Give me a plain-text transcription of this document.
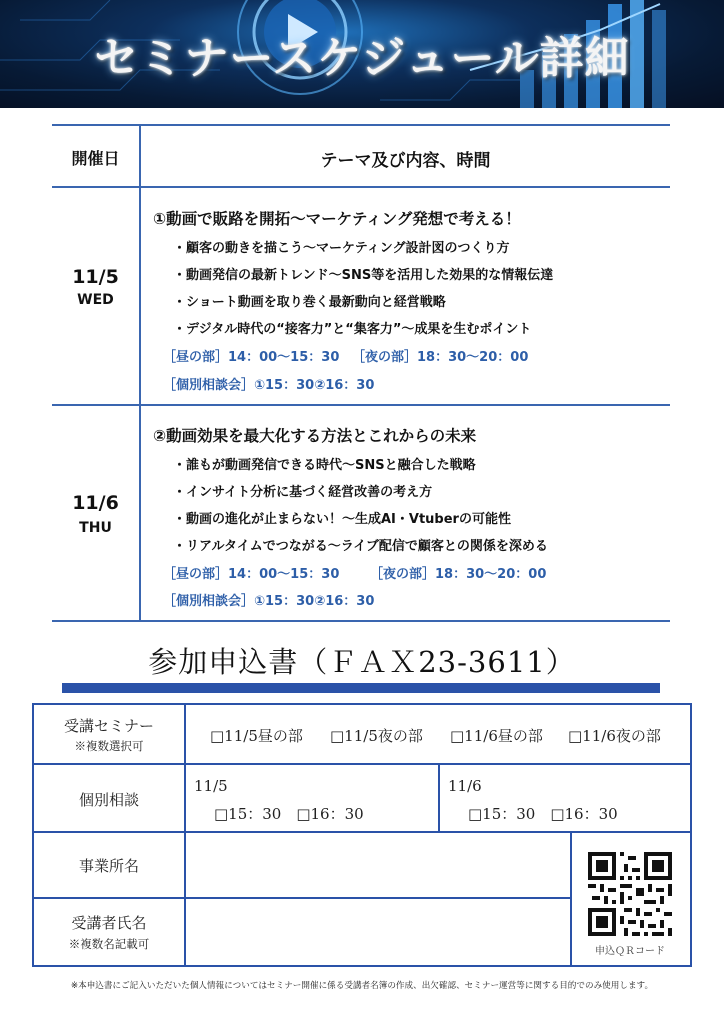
セミナースケジュール詳細
開催日	テーマ及び内容、時間
11/5
WED
①動画で販路を開拓～マーケティング発想で考える！
・顧客の動きを描こう～マーケティング設計図のつくり方
・動画発信の最新トレンド～SNS等を活用した効果的な情報伝達
・ショート動画を取り巻く最新動向と経営戦略
・デジタル時代の“接客力”と“集客力”～成果を生むポイント
［昼の部］14：00～15：30 ［夜の部］18：30～20：00
［個別相談会］①15：30②16：30
11/6
THU
②動画効果を最大化する方法とこれからの未来
・誰もが動画発信できる時代～SNSと融合した戦略
・インサイト分析に基づく経営改善の考え方
・動画の進化が止まらない！～生成AI・Vtuberの可能性
・リアルタイムでつながる～ライブ配信で顧客との関係を深める
［昼の部］14：00～15：30 ［夜の部］18：30～20：00
［個別相談会］①15：30②16：30
参加申込書（ＦＡＸ23-3611）
受講セミナー
※複数選択可
□11/5昼の部 □11/5夜の部 □11/6昼の部 □11/6夜の部
個別相談
11/5
□15：30　□16：30
11/6
□15：30　□16：30
事業所名
受講者氏名
※複数名記載可
申込ＱＲコード
※本申込書にご記入いただいた個人情報についてはセミナー開催に係る受講者名簿の作成、出欠確認、セミナー運営等に関する目的でのみ使用します。
